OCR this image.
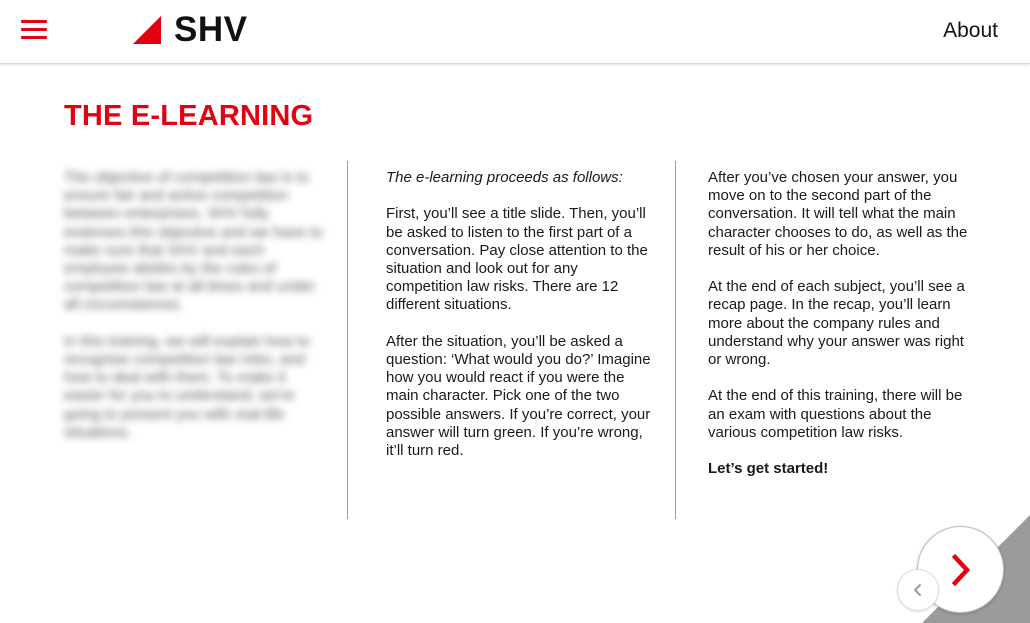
SHV	About
THE E-LEARNING

The objective of competition law is to ensure fair and active competition between enterprises. SHV fully endorses this objective and we have to make sure that SHV and each employee abides by the rules of competition law at all times and under all circumstances.

In this training, we will explain how to recognise competition law risks, and how to deal with them. To make it easier for you to understand, we're going to present you with real-life situations.

The e-learning proceeds as follows:

First, you’ll see a title slide. Then, you’ll be asked to listen to the first part of a conversation. Pay close attention to the situation and look out for any competition law risks. There are 12 different situations.

After the situation, you’ll be asked a question: ‘What would you do?’ Imagine how you would react if you were the main character. Pick one of the two possible answers. If you’re correct, your answer will turn green. If you’re wrong, it’ll turn red.

After you’ve chosen your answer, you move on to the second part of the conversation. It will tell what the main character chooses to do, as well as the result of his or her choice.

At the end of each subject, you’ll see a recap page. In the recap, you’ll learn more about the company rules and understand why your answer was right or wrong.

At the end of this training, there will be an exam with questions about the various competition law risks.

Let’s get started!
